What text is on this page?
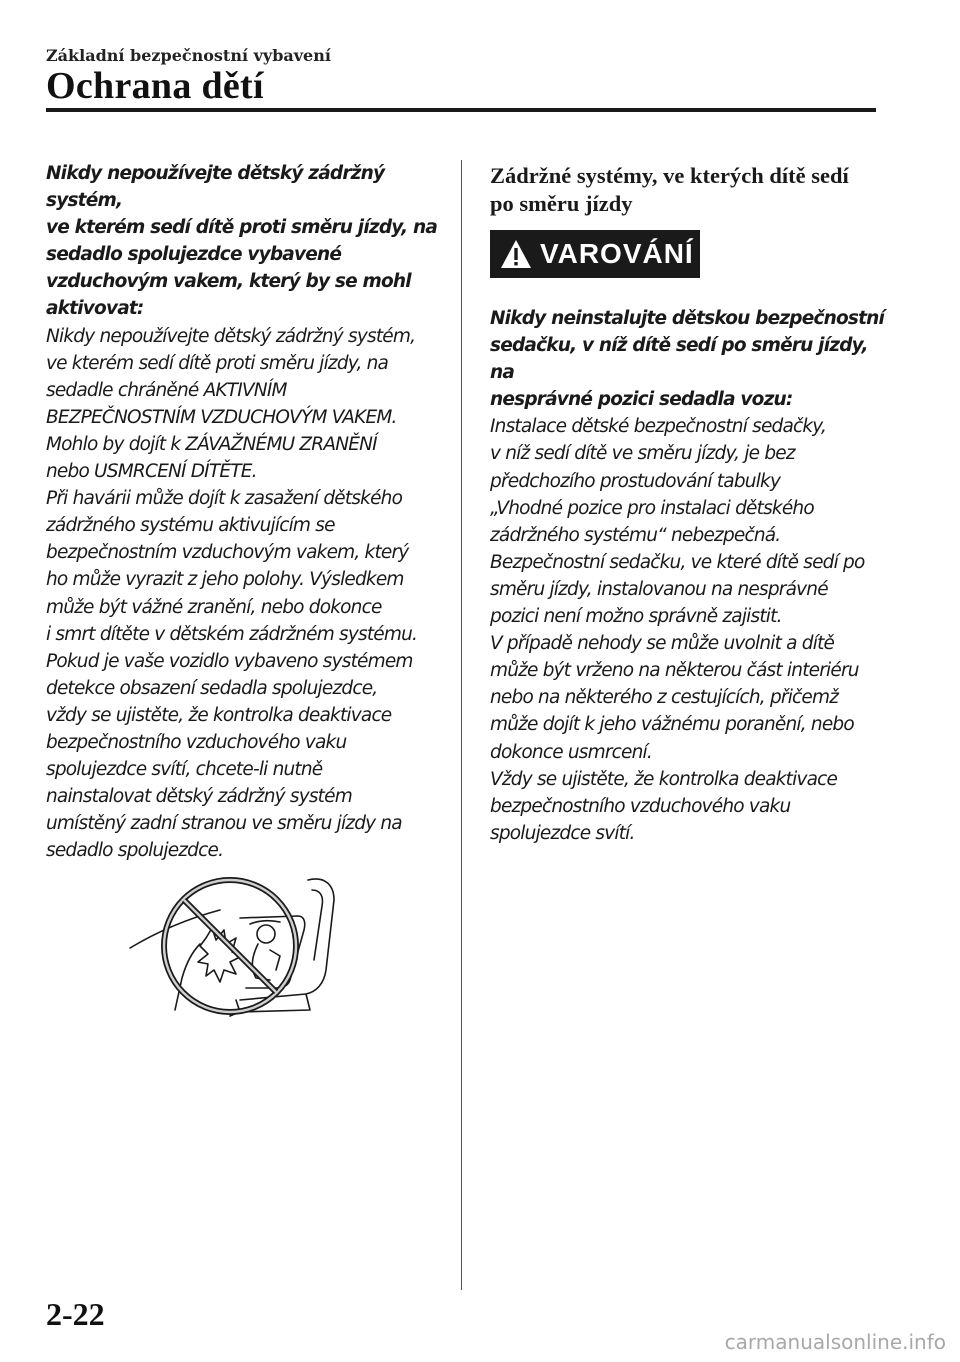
Základní bezpečnostní vybavení
Ochrana dětí

Nikdy nepoužívejte dětský zádržný systém,
ve kterém sedí dítě proti směru jízdy, na
sedadlo spolujezdce vybavené
vzduchovým vakem, který by se mohl
aktivovat:

Nikdy nepoužívejte dětský zádržný systém,
ve kterém sedí dítě proti směru jízdy, na
sedadle chráněné AKTIVNÍM
BEZPEČNOSTNÍM VZDUCHOVÝM VAKEM.
Mohlo by dojít k ZÁVAŽNÉMU ZRANĚNÍ
nebo USMRCENÍ DÍTĚTE.
Při havárii může dojít k zasažení dětského
zádržného systému aktivujícím se
bezpečnostním vzduchovým vakem, který
ho může vyrazit z jeho polohy. Výsledkem
může být vážné zranění, nebo dokonce
i smrt dítěte v dětském zádržném systému.
Pokud je vaše vozidlo vybaveno systémem
detekce obsazení sedadla spolujezdce,
vždy se ujistěte, že kontrolka deaktivace
bezpečnostního vzduchového vaku
spolujezdce svítí, chcete-li nutně
nainstalovat dětský zádržný systém
umístěný zadní stranou ve směru jízdy na
sedadlo spolujezdce.

Zádržné systémy, ve kterých dítě sedí
po směru jízdy
VAROVÁNÍ

Nikdy neinstalujte dětskou bezpečnostní
sedačku, v níž dítě sedí po směru jízdy, na
nesprávné pozici sedadla vozu:

Instalace dětské bezpečnostní sedačky,
v níž sedí dítě ve směru jízdy, je bez
předchozího prostudování tabulky
„Vhodné pozice pro instalaci dětského
zádržného systému“ nebezpečná.
Bezpečnostní sedačku, ve které dítě sedí po
směru jízdy, instalovanou na nesprávné
pozici není možno správně zajistit.
V případě nehody se může uvolnit a dítě
může být vrženo na některou část interiéru
nebo na některého z cestujících, přičemž
může dojít k jeho vážnému poranění, nebo
dokonce usmrcení.
Vždy se ujistěte, že kontrolka deaktivace
bezpečnostního vzduchového vaku
spolujezdce svítí.

2-22
carmanualsonline.info
